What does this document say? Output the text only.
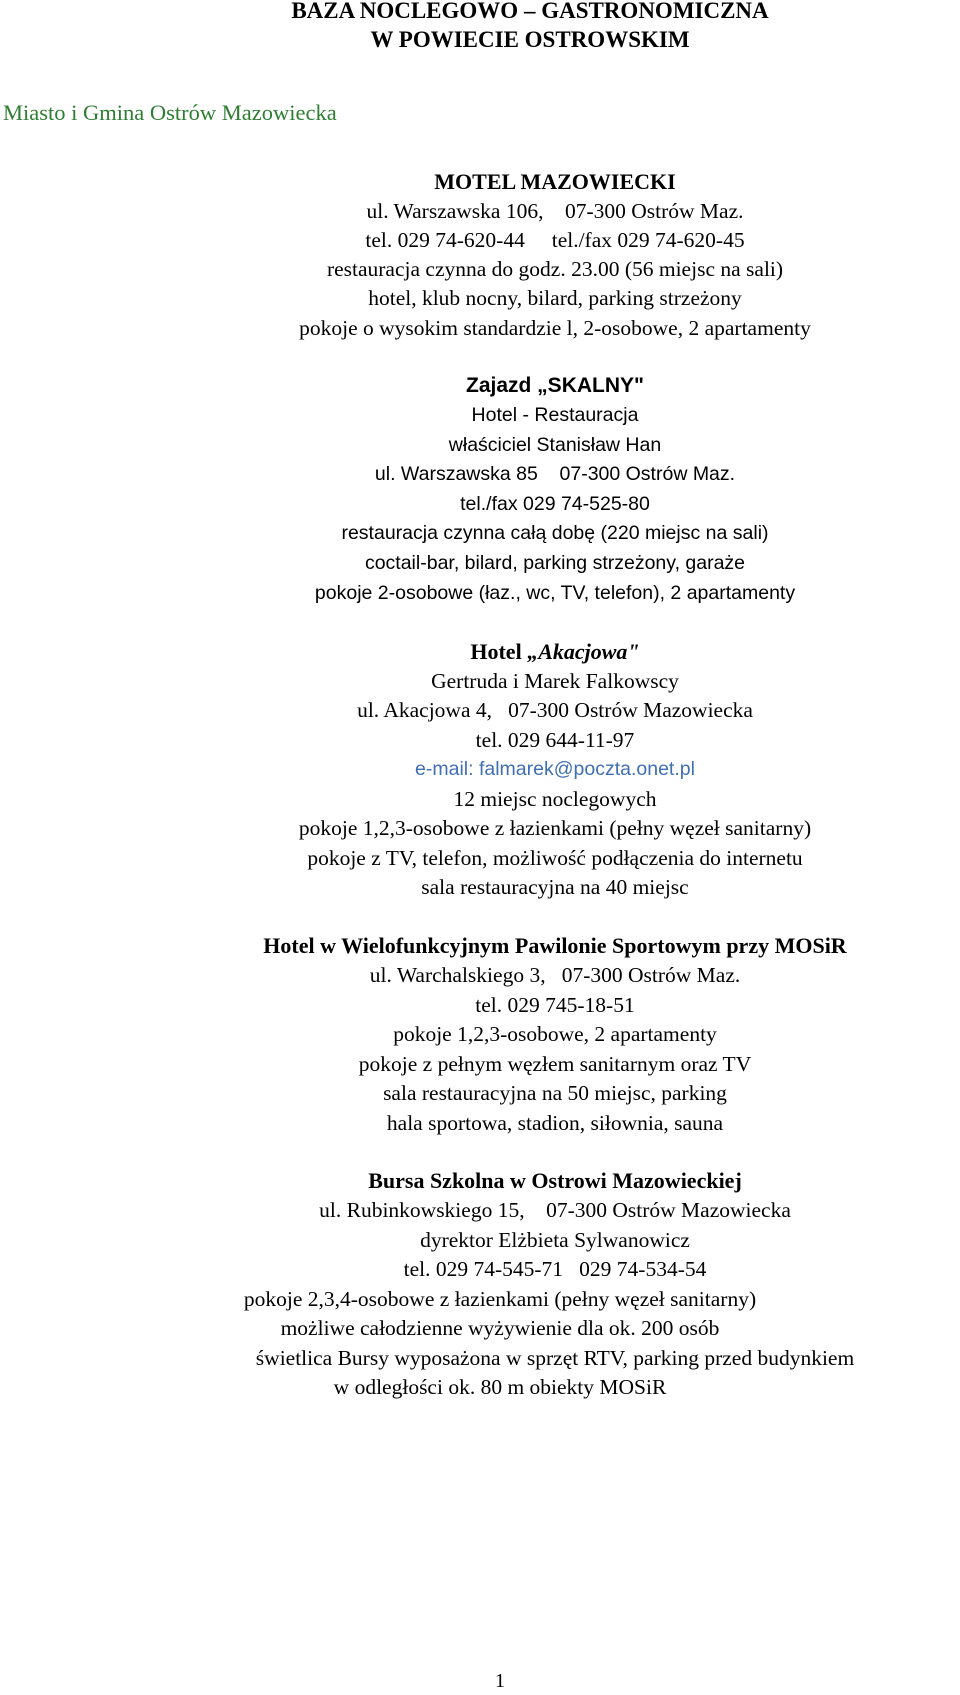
BAZA NOCLEGOWO – GASTRONOMICZNA
W POWIECIE OSTROWSKIM
Miasto i Gmina Ostrów Mazowiecka
MOTEL MAZOWIECKI
ul. Warszawska 106,    07-300 Ostrów Maz.
tel. 029 74-620-44     tel./fax 029 74-620-45
restauracja czynna do godz. 23.00 (56 miejsc na sali)
hotel, klub nocny, bilard, parking strzeżony
pokoje o wysokim standardzie l, 2-osobowe, 2 apartamenty
Zajazd „SKALNY"
Hotel - Restauracja
właściciel Stanisław Han
ul. Warszawska 85    07-300 Ostrów Maz.
tel./fax 029 74-525-80
restauracja czynna całą dobę (220 miejsc na sali)
coctail-bar, bilard, parking strzeżony, garaże
pokoje 2-osobowe (łaz., wc, TV, telefon), 2 apartamenty
Hotel „Akacjowa"
Gertruda i Marek Falkowscy
ul. Akacjowa 4,   07-300 Ostrów Mazowiecka
tel. 029 644-11-97
e-mail: falmarek@poczta.onet.pl
12 miejsc noclegowych
pokoje 1,2,3-osobowe z łazienkami (pełny węzeł sanitarny)
pokoje z TV, telefon, możliwość podłączenia do internetu
sala restauracyjna na 40 miejsc
Hotel w Wielofunkcyjnym Pawilonie Sportowym przy MOSiR
ul. Warchalskiego 3,   07-300 Ostrów Maz.
tel. 029 745-18-51
pokoje 1,2,3-osobowe, 2 apartamenty
pokoje z pełnym węzłem sanitarnym oraz TV
sala restauracyjna na 50 miejsc, parking
hala sportowa, stadion, siłownia, sauna
Bursa Szkolna w Ostrowi Mazowieckiej
ul. Rubinkowskiego 15,    07-300 Ostrów Mazowiecka
dyrektor Elżbieta Sylwanowicz
tel. 029 74-545-71   029 74-534-54
pokoje 2,3,4-osobowe z łazienkami (pełny węzeł sanitarny)
możliwe całodzienne wyżywienie dla ok. 200 osób
świetlica Bursy wyposażona w sprzęt RTV, parking przed budynkiem
w odległości ok. 80 m obiekty MOSiR
1
